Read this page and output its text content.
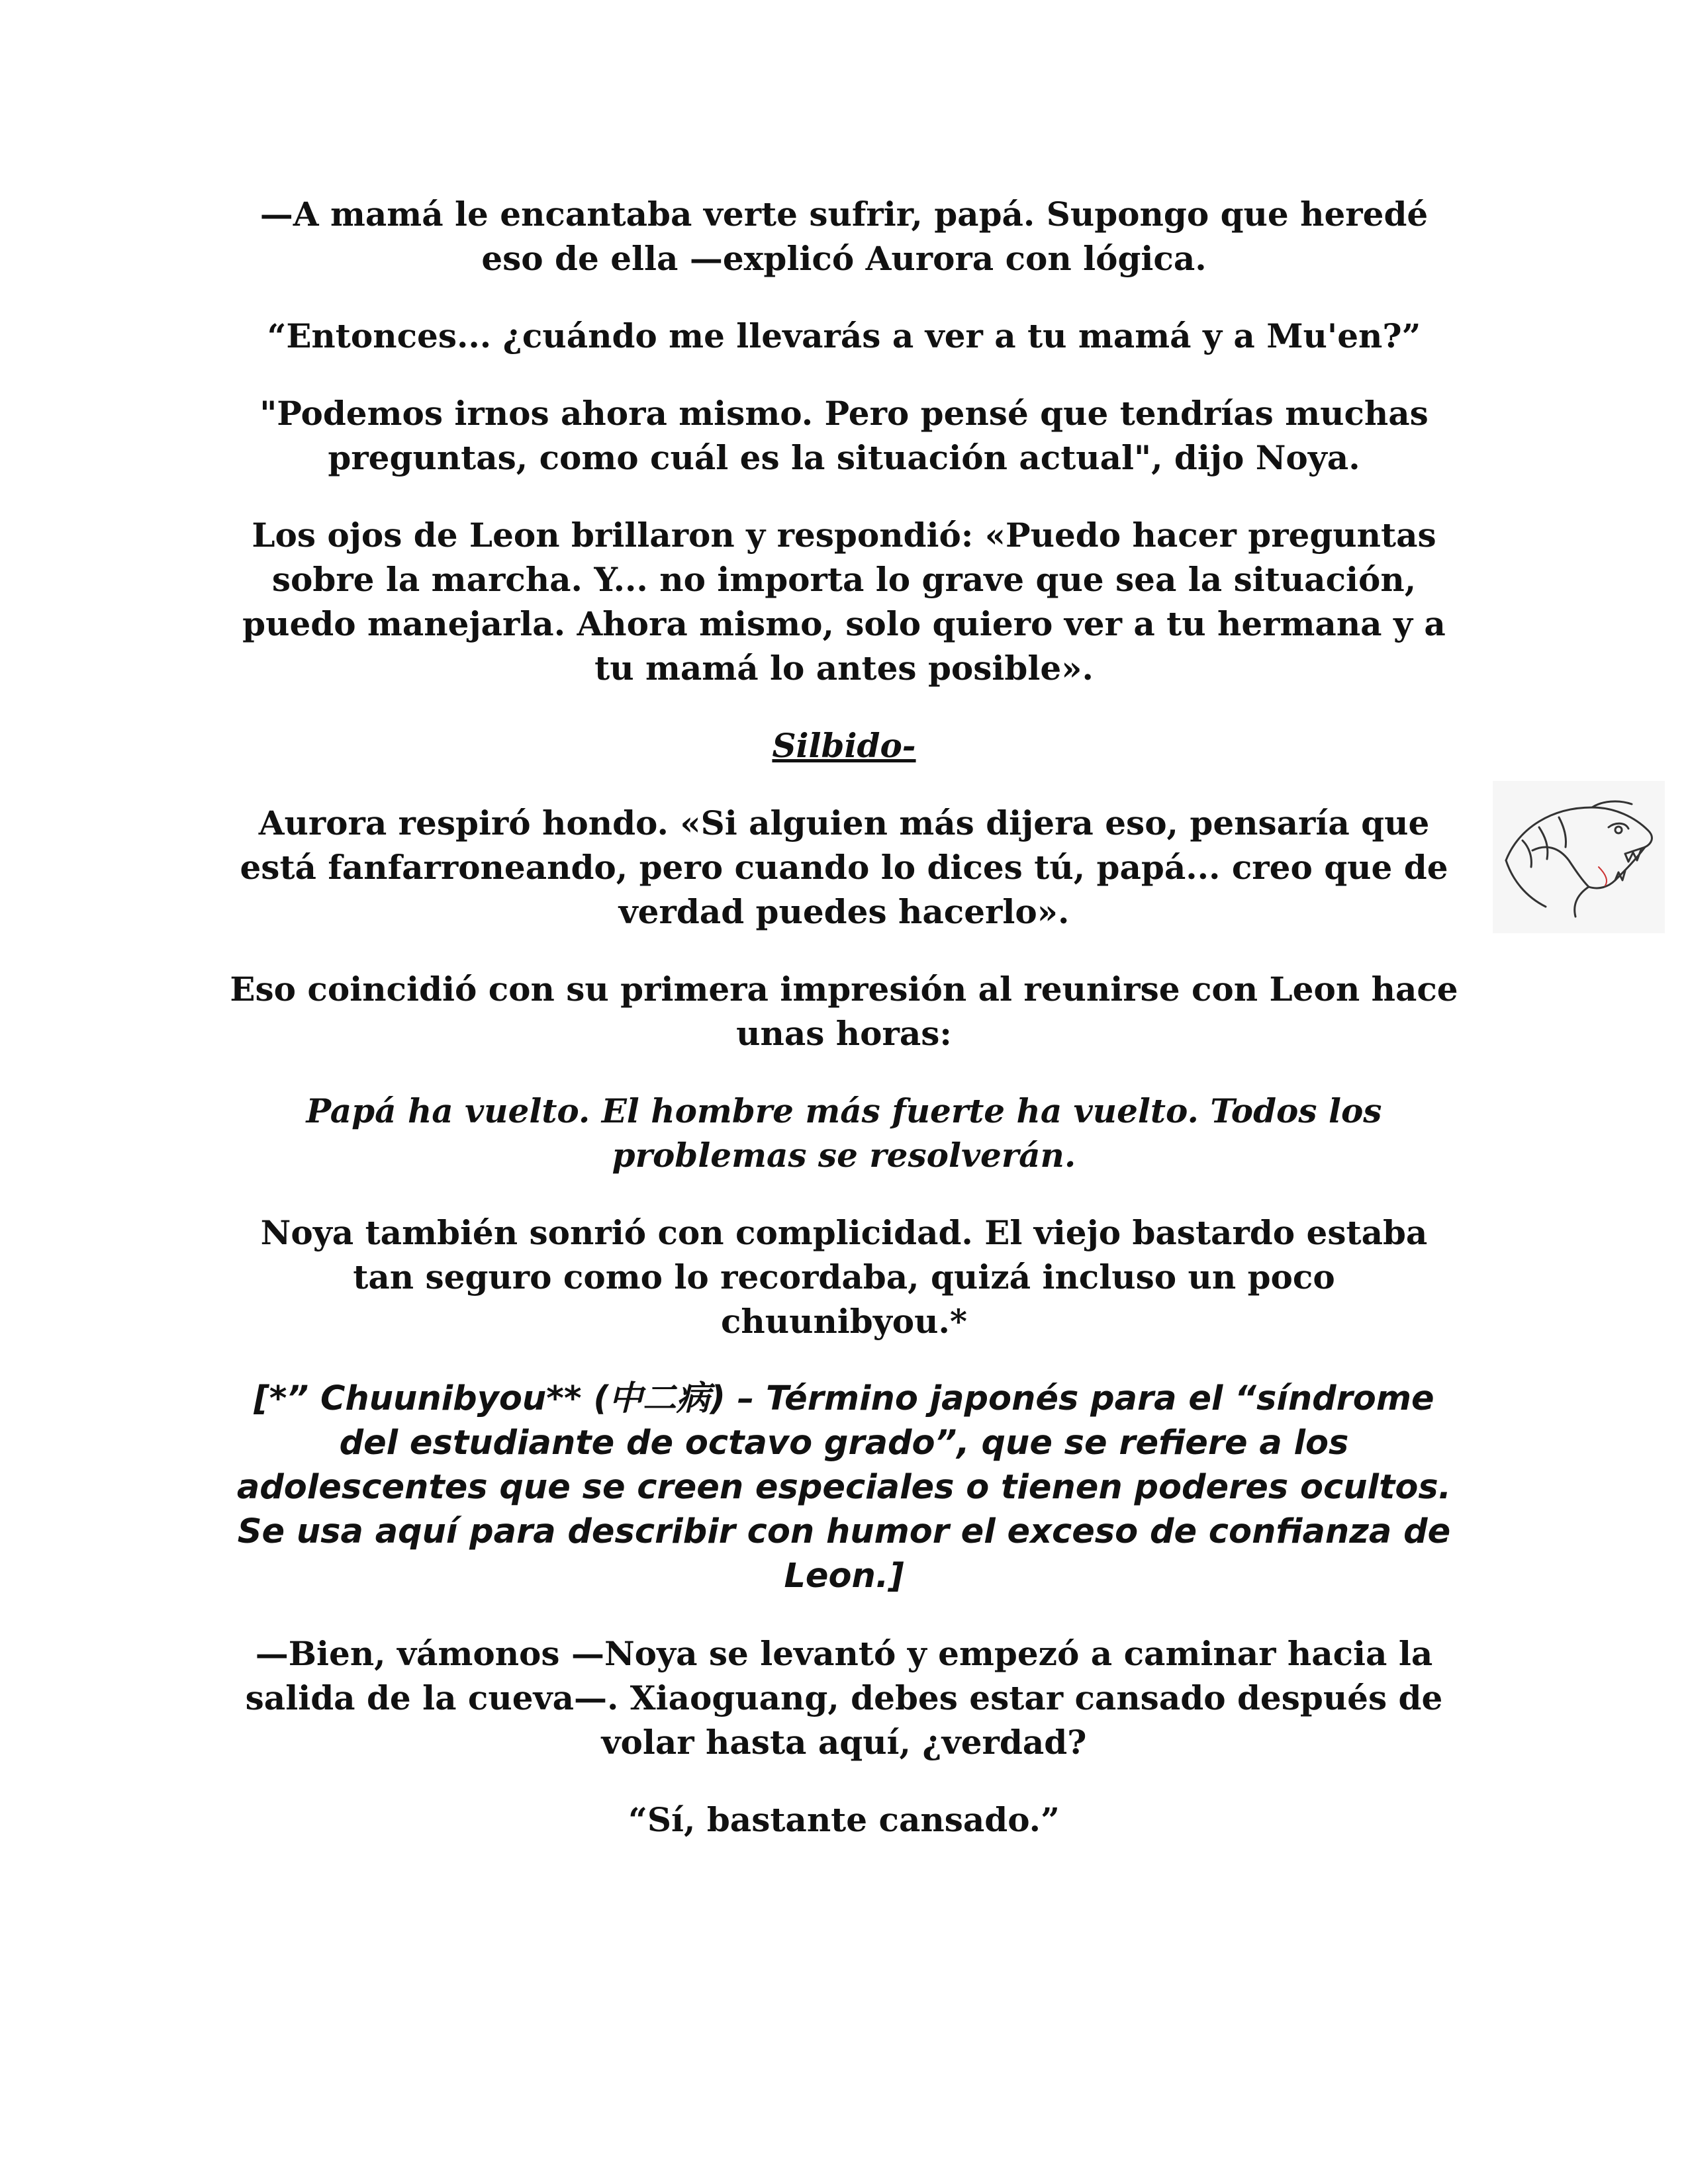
—A mamá le encantaba verte sufrir, papá. Supongo que heredé eso de ella —explicó Aurora con lógica.

“Entonces... ¿cuándo me llevarás a ver a tu mamá y a Mu'en?”

"Podemos irnos ahora mismo. Pero pensé que tendrías muchas preguntas, como cuál es la situación actual", dijo Noya.

Los ojos de Leon brillaron y respondió: «Puedo hacer preguntas sobre la marcha. Y... no importa lo grave que sea la situación, puedo manejarla. Ahora mismo, solo quiero ver a tu hermana y a tu mamá lo antes posible».

Silbido-

Aurora respiró hondo. «Si alguien más dijera eso, pensaría que está fanfarroneando, pero cuando lo dices tú, papá... creo que de verdad puedes hacerlo».

Eso coincidió con su primera impresión al reunirse con Leon hace unas horas:

Papá ha vuelto. El hombre más fuerte ha vuelto. Todos los problemas se resolverán.

Noya también sonrió con complicidad. El viejo bastardo estaba tan seguro como lo recordaba, quizá incluso un poco chuunibyou.*

[*” Chuunibyou** (中二病) – Término japonés para el “síndrome del estudiante de octavo grado”, que se refiere a los adolescentes que se creen especiales o tienen poderes ocultos. Se usa aquí para describir con humor el exceso de confianza de Leon.]

—Bien, vámonos —Noya se levantó y empezó a caminar hacia la salida de la cueva—. Xiaoguang, debes estar cansado después de volar hasta aquí, ¿verdad?

“Sí, bastante cansado.”
